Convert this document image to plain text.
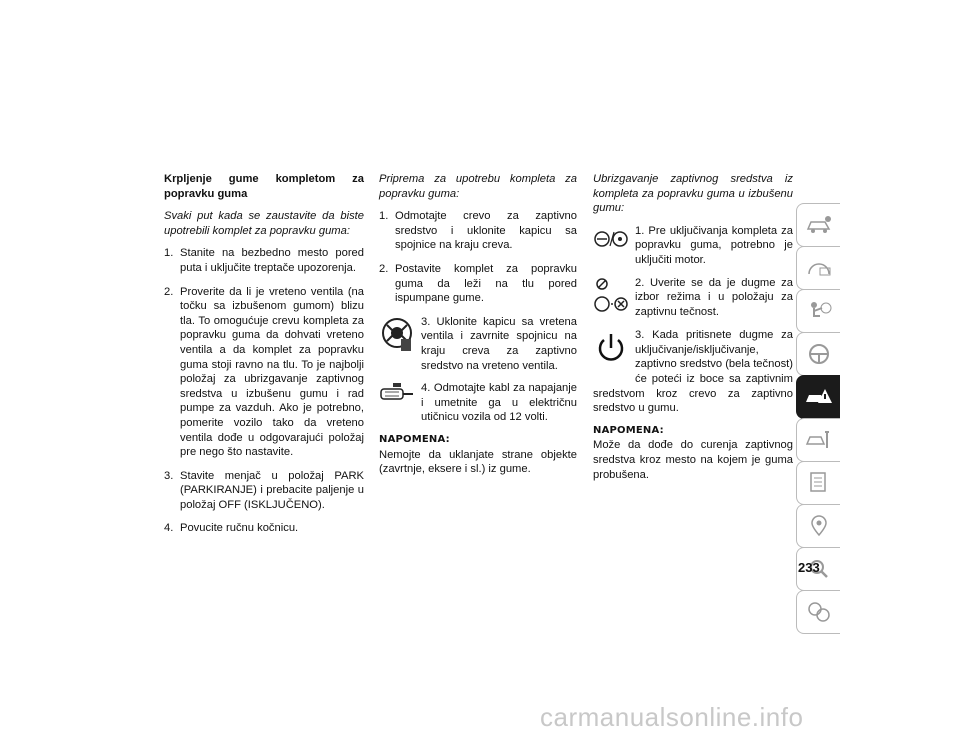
Krpljenje gume kompletom za popravku guma

Svaki put kada se zaustavite da biste upotrebili komplet za popravku guma:

1. Stanite na bezbedno mesto pored puta i uključite treptače upozorenja.
2. Proverite da li je vreteno ventila (na točku sa izbušenom gumom) blizu tla. To omogućuje crevu kompleta za popravku guma da dohvati vreteno ventila a da komplet za popravku guma stoji ravno na tlu. To je najbolji položaj za ubrizgavanje zaptivnog sredstva u izbušenu gumu i rad pumpe za vazduh. Ako je potrebno, pomerite vozilo tako da vreteno ventila dođe u odgovarajući položaj pre nego što nastavite.
3. Stavite menjač u položaj PARK (PARKIRANJE) i prebacite paljenje u položaj OFF (ISKLJUČENO).
4. Povucite ručnu kočnicu.

Priprema za upotrebu kompleta za popravku guma:

1. Odmotajte crevo za zaptivno sredstvo i uklonite kapicu sa spojnice na kraju creva.
2. Postavite komplet za popravku guma da leži na tlu pored ispumpane gume.
3. Uklonite kapicu sa vretena ventila i zavrnite spojnicu na kraju creva za zaptivno sredstvo na vreteno ventila.
4. Odmotajte kabl za napajanje i umetnite ga u električnu utičnicu vozila od 12 volti.
NAPOMENA:

Nemojte da uklanjate strane objekte (zavrtnje, eksere i sl.) iz gume.

Ubrizgavanje zaptivnog sredstva iz kompleta za popravku guma u izbušenu gumu:

1. Pre uključivanja kompleta za popravku guma, potrebno je uključiti motor.
2. Uverite se da je dugme za izbor režima i u položaju za zaptivnu tečnost.

3. Kada pritisnete dugme za uključivanje/isključivanje, zaptivno sredstvo (bela tečnost) će poteći iz boce sa zaptivnim sredstvom kroz crevo za zaptivno sredstvo u gumu.

NAPOMENA:

Može da dođe do curenja zaptivnog sredstva kroz mesto na kojem je guma probušena.

233
carmanualsonline.info
